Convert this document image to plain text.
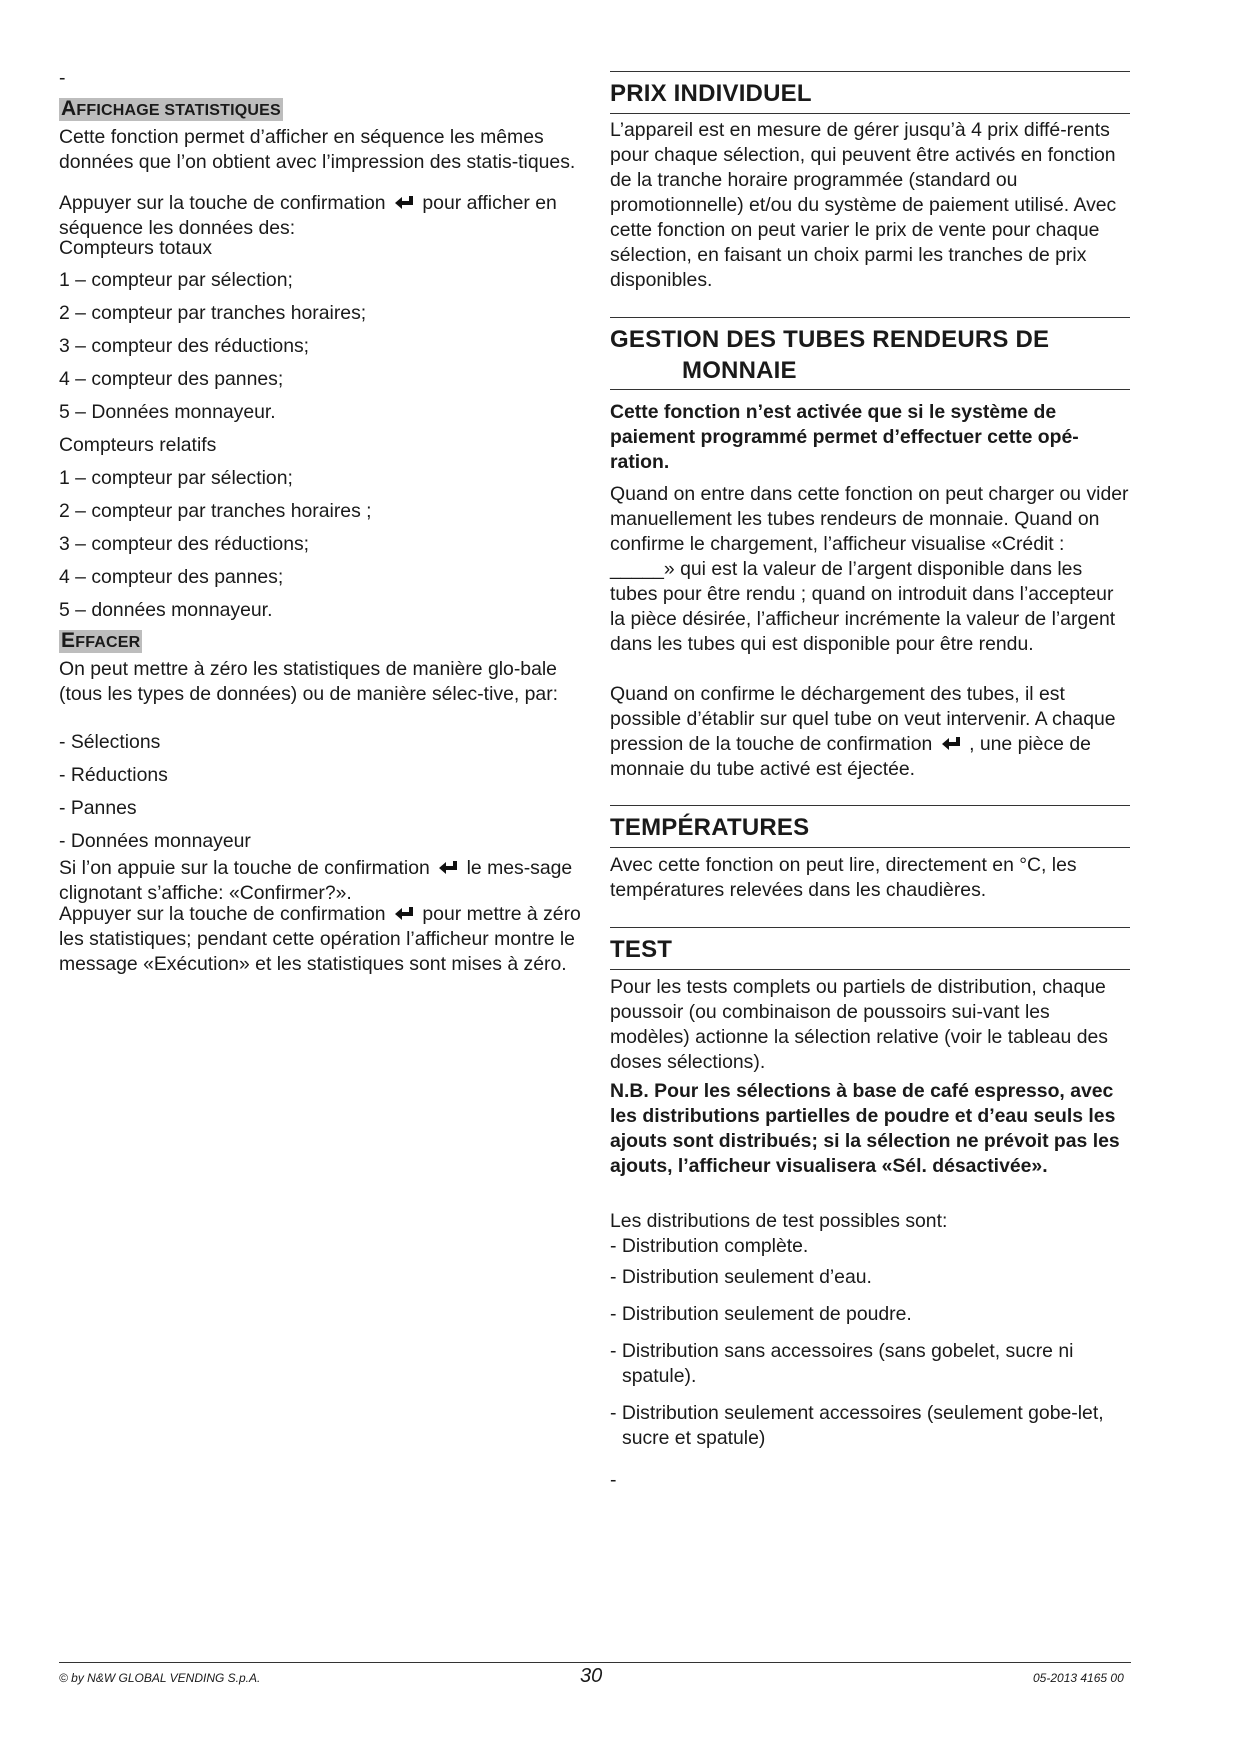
-

AFFICHAGE STATISTIQUES

Cette fonction permet d’afficher en séquence les mêmes données que l’on obtient avec l’impression des statis-tiques.

Appuyer sur la touche de confirmation pour afficher en séquence les données des:

Compteurs totaux

1 – compteur par sélection;

2 – compteur par tranches horaires;

3 – compteur des réductions;

4 – compteur des pannes;

5 – Données monnayeur.

Compteurs relatifs

1 – compteur par sélection;

2 – compteur par tranches horaires ;

3 – compteur des réductions;

4 – compteur des pannes;

5 – données monnayeur.

EFFACER

On peut mettre à zéro les statistiques de manière glo-bale (tous les types de données) ou de manière sélec-tive, par:

- Sélections

- Réductions

- Pannes

- Données monnayeur

Si l’on appuie sur la touche de confirmation le mes-sage clignotant s’affiche: «Confirmer?».

Appuyer sur la touche de confirmation pour mettre à zéro les statistiques; pendant cette opération l’afficheur montre le message «Exécution» et les statistiques sont mises à zéro.

PRIX INDIVIDUEL

L’appareil est en mesure de gérer jusqu’à 4 prix diffé-rents pour chaque sélection, qui peuvent être activés en fonction de la tranche horaire programmée (standard ou promotionnelle) et/ou du système de paiement utilisé. Avec cette fonction on peut varier le prix de vente pour chaque sélection, en faisant un choix parmi les tranches de prix disponibles.

GESTION DES TUBES RENDEURS DE
MONNAIE

Cette fonction n’est activée que si le système de paiement programmé permet d’effectuer cette opé-ration.

Quand on entre dans cette fonction on peut charger ou vider manuellement les tubes rendeurs de monnaie. Quand on confirme le chargement, l’afficheur visualise «Crédit : _____» qui est la valeur de l’argent disponible dans les tubes pour être rendu ; quand on introduit dans l’accepteur la pièce désirée, l’afficheur incrémente la valeur de l’argent dans les tubes qui est disponible pour être rendu.

Quand on confirme le déchargement des tubes, il est possible d’établir sur quel tube on veut intervenir. A chaque pression de la touche de confirmation , une pièce de monnaie du tube activé est éjectée.

TEMPÉRATURES

Avec cette fonction on peut lire, directement en °C, les températures relevées dans les chaudières.

TEST

Pour les tests complets ou partiels de distribution, chaque poussoir (ou combinaison de poussoirs sui-vant les modèles) actionne la sélection relative (voir le tableau des doses sélections).

N.B. Pour les sélections à base de café espresso, avec les distributions partielles de poudre et d’eau seuls les ajouts sont distribués; si la sélection ne prévoit pas les ajouts, l’afficheur visualisera «Sél. désactivée».

Les distributions de test possibles sont:

- Distribution complète.

- Distribution seulement d’eau.

- Distribution seulement de poudre.

- Distribution sans accessoires (sans gobelet, sucre ni spatule).

- Distribution seulement accessoires (seulement gobe-let, sucre et spatule)

-

© by N&W GLOBAL VENDING S.p.A.	30	05-2013 4165 00
